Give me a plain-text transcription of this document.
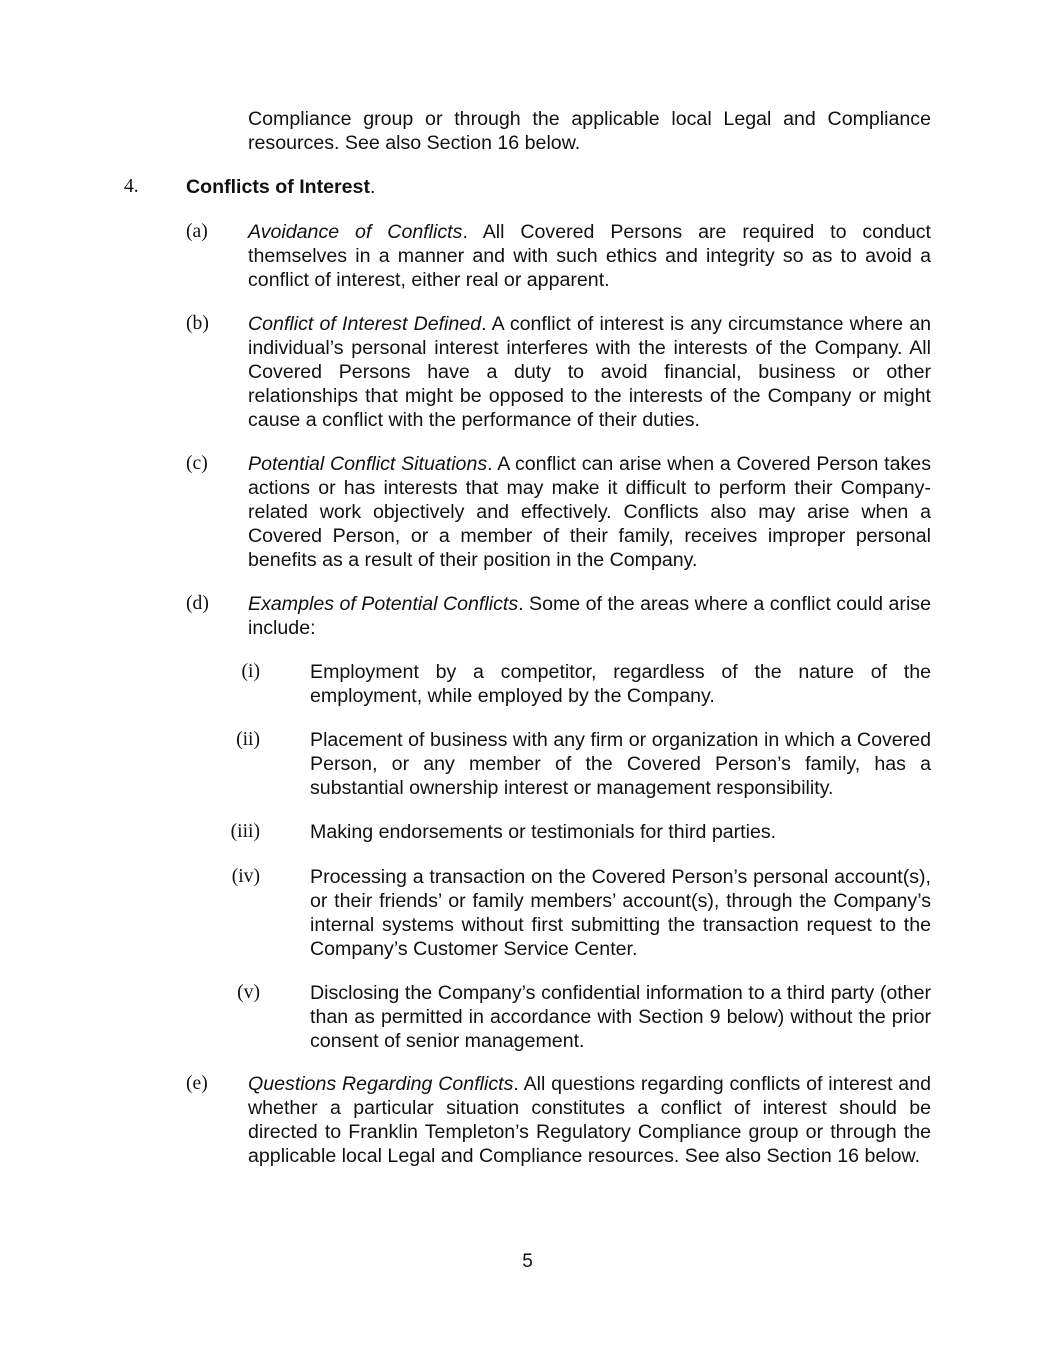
Compliance group or through the applicable local Legal and Compliance resources. See also Section 16 below.

4. Conflicts of Interest.

(a) Avoidance of Conflicts. All Covered Persons are required to conduct themselves in a manner and with such ethics and integrity so as to avoid a conflict of interest, either real or apparent.

(b) Conflict of Interest Defined. A conflict of interest is any circumstance where an individual’s personal interest interferes with the interests of the Company. All Covered Persons have a duty to avoid financial, business or other relationships that might be opposed to the interests of the Company or might cause a conflict with the performance of their duties.

(c) Potential Conflict Situations. A conflict can arise when a Covered Person takes actions or has interests that may make it difficult to perform their Company-related work objectively and effectively. Conflicts also may arise when a Covered Person, or a member of their family, receives improper personal benefits as a result of their position in the Company.

(d) Examples of Potential Conflicts. Some of the areas where a conflict could arise include:

(i)	Employment by a competitor, regardless of the nature of the employment, while employed by the Company.

(ii)	Placement of business with any firm or organization in which a Covered Person, or any member of the Covered Person’s family, has a substantial ownership interest or management responsibility.

(iii)	Making endorsements or testimonials for third parties.

(iv)	Processing a transaction on the Covered Person’s personal account(s), or their friends’ or family members’ account(s), through the Company’s internal systems without first submitting the transaction request to the Company’s Customer Service Center.

(v)	Disclosing the Company’s confidential information to a third party (other than as permitted in accordance with Section 9 below) without the prior consent of senior management.

(e) Questions Regarding Conflicts. All questions regarding conflicts of interest and whether a particular situation constitutes a conflict of interest should be directed to Franklin Templeton’s Regulatory Compliance group or through the applicable local Legal and Compliance resources. See also Section 16 below.

5
